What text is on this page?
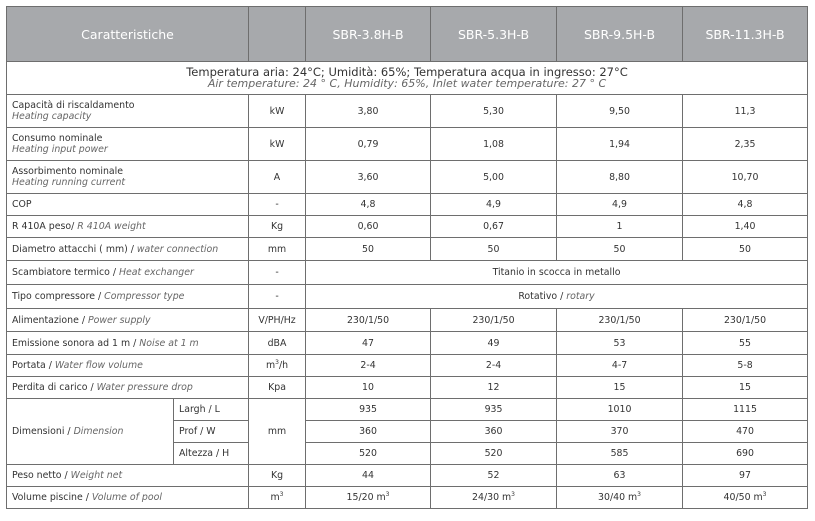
Caratteristiche			SBR-3.8H-B	SBR-5.3H-B	SBR-9.5H-B	SBR-11.3H-B

Temperatura aria: 24°C; Umidità: 65%; Temperatura acqua in ingresso: 27°C
Air temperature: 24 ° C, Humidity: 65%, Inlet water temperature: 27 ° C						

Capacità di riscaldamento
Heating capacity		kW	3,80	5,30	9,50	11,3

Consumo nominale
Heating input power		kW	0,79	1,08	1,94	2,35

Assorbimento nominale
Heating running current		A	3,60	5,00	8,80	10,70
COP		-	4,8	4,9	4,9	4,8
R 410A peso/ R 410A weight		Kg	0,60	0,67	1	1,40
Diametro attacchi ( mm) / water connection		mm	50	50	50	50
Scambiatore termico / Heat exchanger		-	Titanio in scocca in metallo			
Tipo compressore / Compressor type		-	Rotativo / rotary			
Alimentazione / Power supply		V/PH/Hz	230/1/50	230/1/50	230/1/50	230/1/50
Emissione sonora ad 1 m / Noise at 1 m		dBA	47	49	53	55
Portata / Water flow volume		$m^3/h$	2-4	2-4	4-7	5-8
Perdita di carico / Water pressure drop		Kpa	10	12	15	15
Dimensioni / Dimension	Largh / L	mm	935	935	1010	1115
	Prof / W		360	360	370	470
	Altezza / H		520	520	585	690
Peso netto / Weight net		Kg	44	52	63	97
Volume piscine / Volume of pool		$m^3$	15/20 $m^3$	24/30 $m^3$	30/40 $m^3$	40/50 $m^3$
